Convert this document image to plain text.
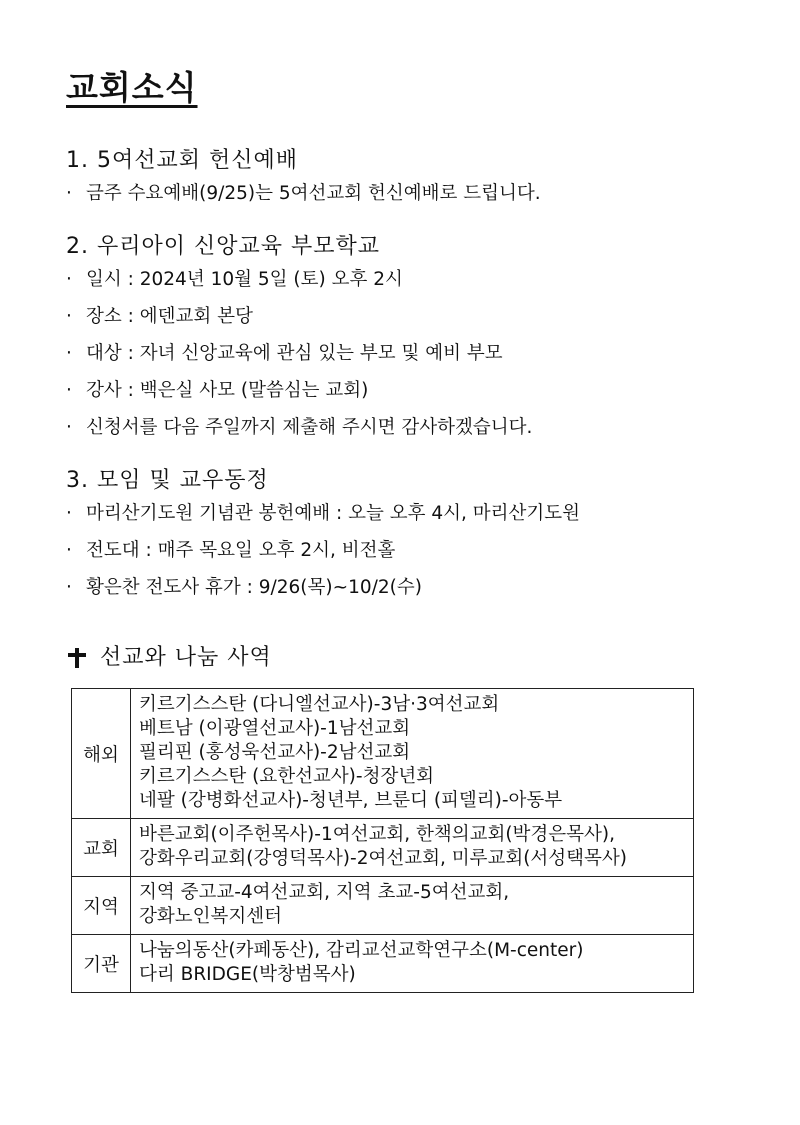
교회소식
1. 5여선교회 헌신예배
· 금주 수요예배(9/25)는 5여선교회 헌신예배로 드립니다.
2. 우리아이 신앙교육 부모학교
· 일시 : 2024년 10월 5일 (토) 오후 2시
· 장소 : 에덴교회 본당
· 대상 : 자녀 신앙교육에 관심 있는 부모 및 예비 부모
· 강사 : 백은실 사모 (말씀심는 교회)
· 신청서를 다음 주일까지 제출해 주시면 감사하겠습니다.
3. 모임 및 교우동정
· 마리산기도원 기념관 봉헌예배 : 오늘 오후 4시, 마리산기도원
· 전도대 : 매주 목요일 오후 2시, 비전홀
· 황은찬 전도사 휴가 : 9/26(목)~10/2(수)
선교와 나눔 사역
해외	키르기스스탄 (다니엘선교사)-3남·3여선교회
베트남 (이광열선교사)-1남선교회
필리핀 (홍성욱선교사)-2남선교회
키르기스스탄 (요한선교사)-청장년회
네팔 (강병화선교사)-청년부, 브룬디 (피델리)-아동부

교회	바른교회(이주헌목사)-1여선교회, 한책의교회(박경은목사),
강화우리교회(강영덕목사)-2여선교회, 미루교회(서성택목사)

지역	지역 중고교-4여선교회, 지역 초교-5여선교회,
강화노인복지센터

기관	나눔의동산(카페동산), 감리교선교학연구소(M-center)
다리 BRIDGE(박창범목사)
